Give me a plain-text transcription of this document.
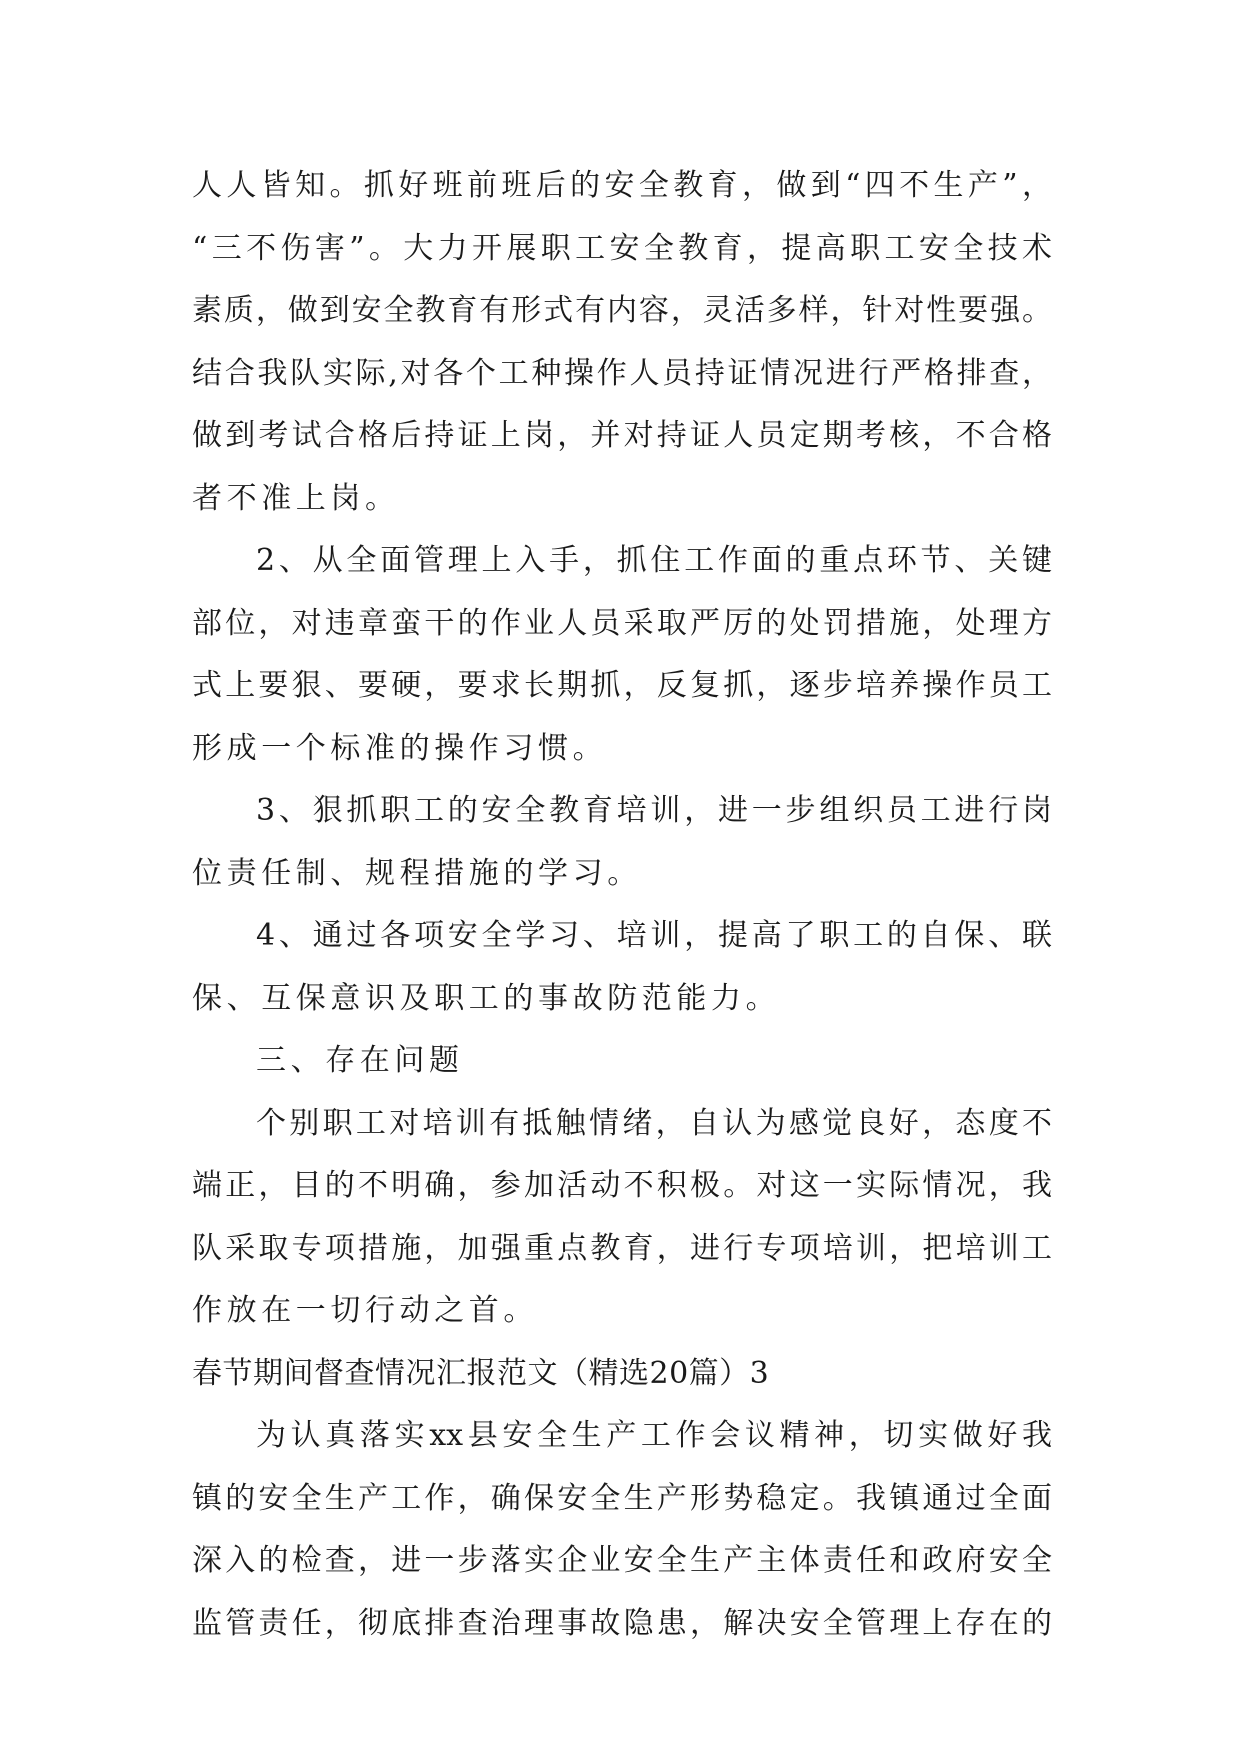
人人皆知。抓好班前班后的安全教育，做到“四不生产”，
“三不伤害”。大力开展职工安全教育，提高职工安全技术
素质，做到安全教育有形式有内容，灵活多样，针对性要强。
结合我队实际,对各个工种操作人员持证情况进行严格排查，
做到考试合格后持证上岗，并对持证人员定期考核，不合格
者不准上岗。
2、从全面管理上入手，抓住工作面的重点环节、关键
部位，对违章蛮干的作业人员采取严厉的处罚措施，处理方
式上要狠、要硬，要求长期抓，反复抓，逐步培养操作员工
形成一个标准的操作习惯。
3、狠抓职工的安全教育培训，进一步组织员工进行岗
位责任制、规程措施的学习。
4、通过各项安全学习、培训，提高了职工的自保、联
保、互保意识及职工的事故防范能力。
三、存在问题
个别职工对培训有抵触情绪，自认为感觉良好，态度不
端正，目的不明确，参加活动不积极。对这一实际情况，我
队采取专项措施，加强重点教育，进行专项培训，把培训工
作放在一切行动之首。
春节期间督查情况汇报范文（精选20篇）3
为认真落实xx县安全生产工作会议精神，切实做好我
镇的安全生产工作，确保安全生产形势稳定。我镇通过全面
深入的检查，进一步落实企业安全生产主体责任和政府安全
监管责任，彻底排查治理事故隐患，解决安全管理上存在的
